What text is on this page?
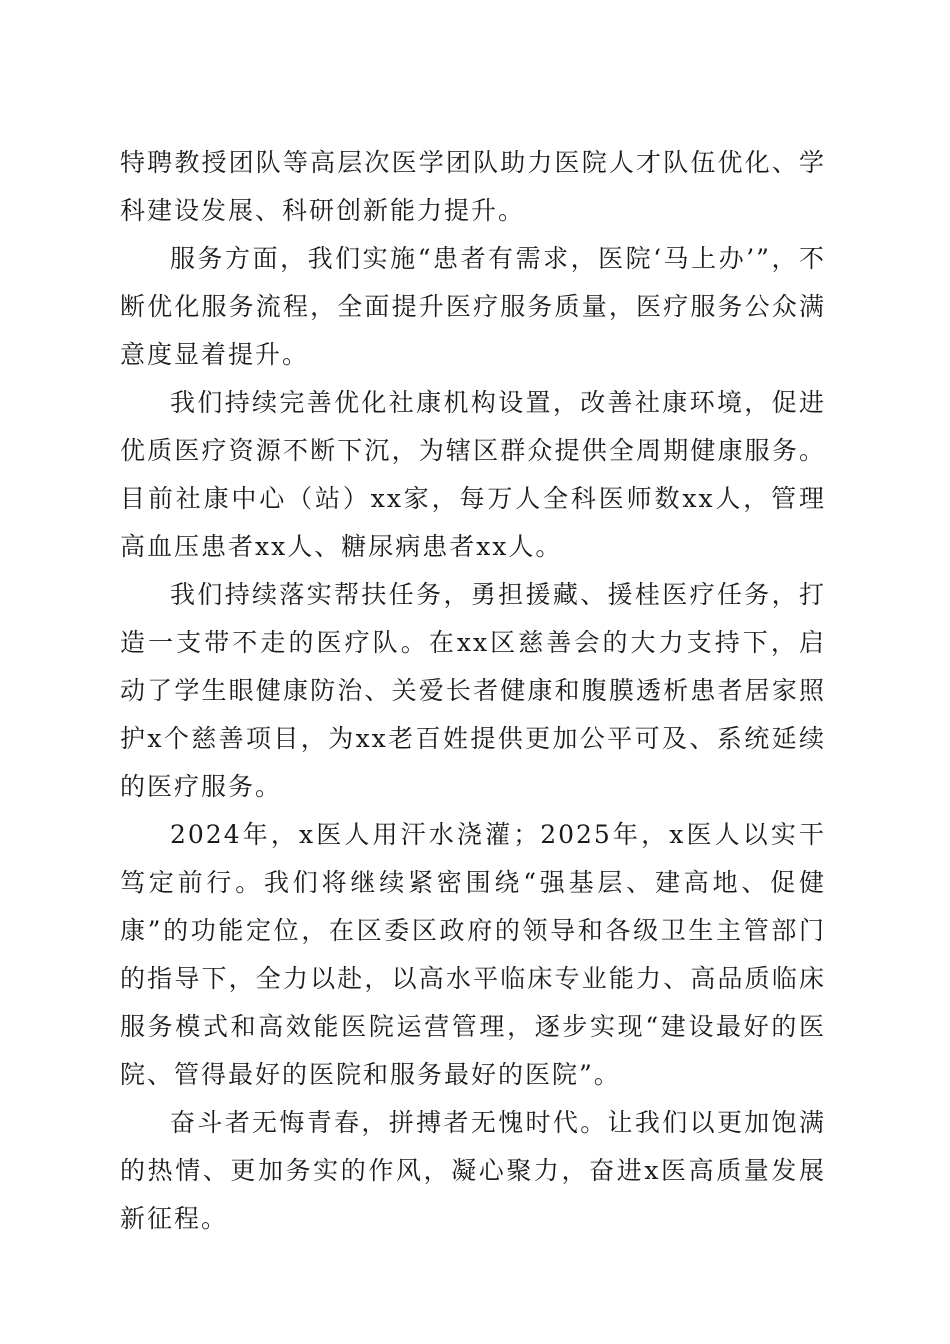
特聘教授团队等高层次医学团队助力医院人才队伍优化、学科建设发展、科研创新能力提升。

服务方面，我们实施“患者有需求，医院‘马上办’”，不断优化服务流程，全面提升医疗服务质量，医疗服务公众满意度显着提升。

我们持续完善优化社康机构设置，改善社康环境，促进优质医疗资源不断下沉，为辖区群众提供全周期健康服务。目前社康中心（站）xx家，每万人全科医师数xx人，管理高血压患者xx人、糖尿病患者xx人。

我们持续落实帮扶任务，勇担援藏、援桂医疗任务，打造一支带不走的医疗队。在xx区慈善会的大力支持下，启动了学生眼健康防治、关爱长者健康和腹膜透析患者居家照护x个慈善项目，为xx老百姓提供更加公平可及、系统延续的医疗服务。

2024年，x医人用汗水浇灌；2025年，x医人以实干笃定前行。我们将继续紧密围绕“强基层、建高地、促健康”的功能定位，在区委区政府的领导和各级卫生主管部门的指导下，全力以赴，以高水平临床专业能力、高品质临床服务模式和高效能医院运营管理，逐步实现“建设最好的医院、管得最好的医院和服务最好的医院”。

奋斗者无悔青春，拼搏者无愧时代。让我们以更加饱满的热情、更加务实的作风，凝心聚力，奋进x医高质量发展新征程。
